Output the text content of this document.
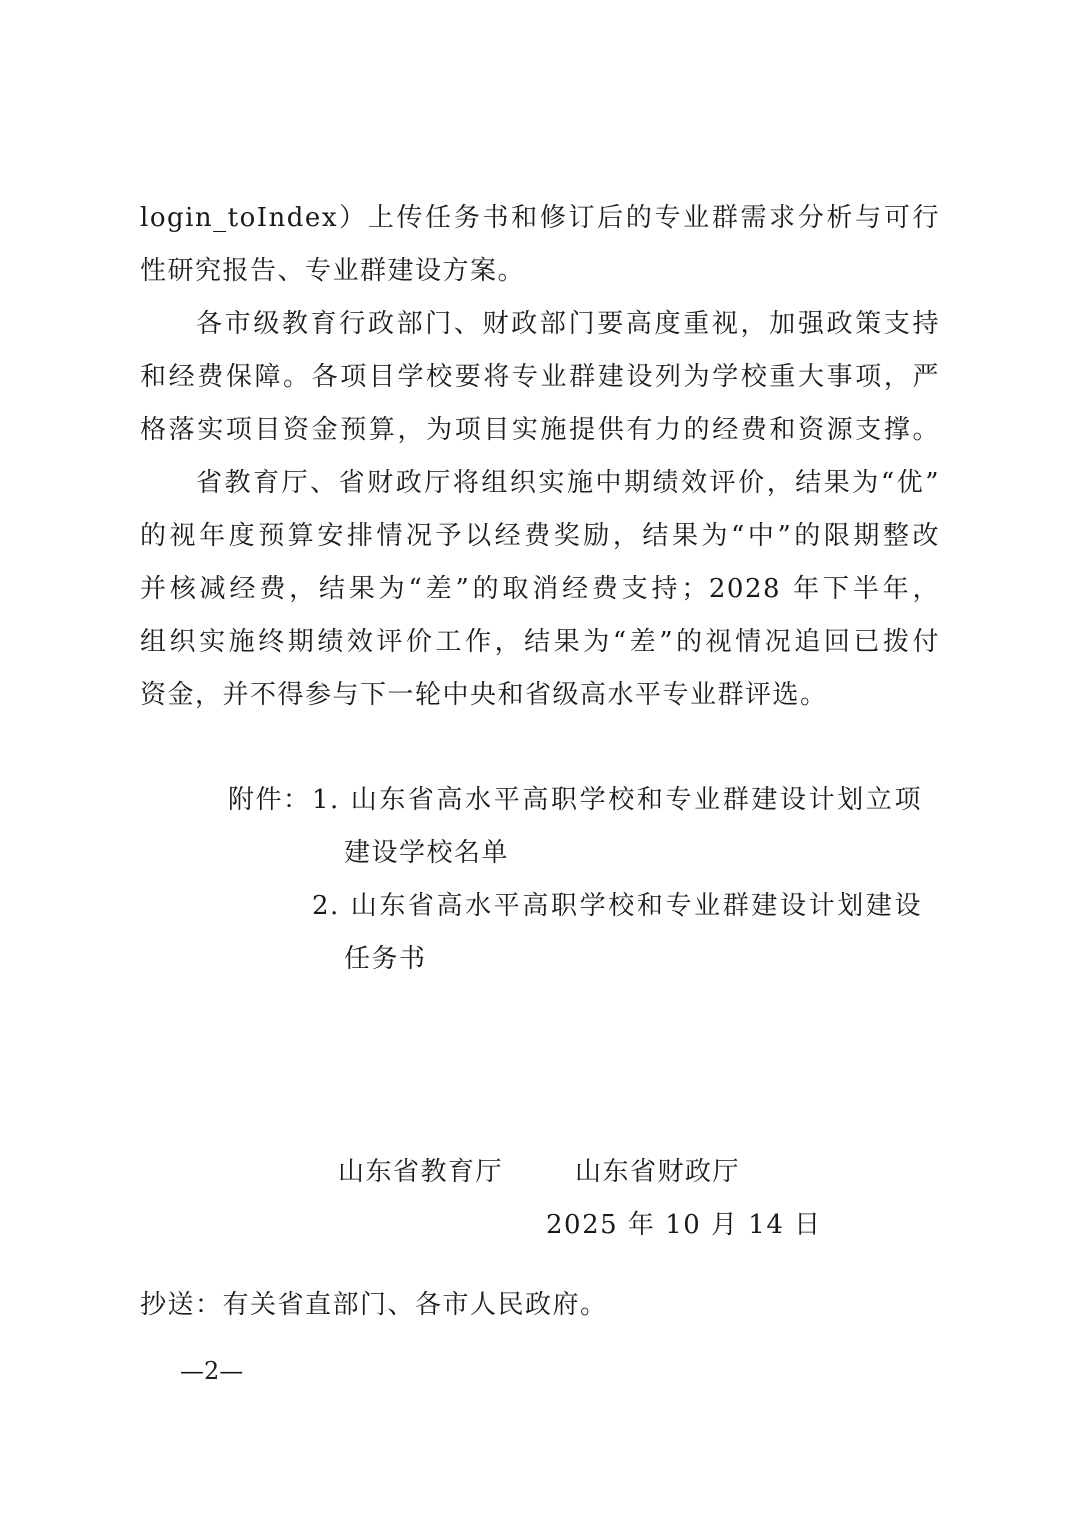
login_toIndex）上传任务书和修订后的专业群需求分析与可行
性研究报告、专业群建设方案。
各市级教育行政部门、财政部门要高度重视，加强政策支持
和经费保障。各项目学校要将专业群建设列为学校重大事项，严
格落实项目资金预算，为项目实施提供有力的经费和资源支撑。
省教育厅、省财政厅将组织实施中期绩效评价，结果为“优”
的视年度预算安排情况予以经费奖励，结果为“中”的限期整改
并核减经费，结果为“差”的取消经费支持；2028 年下半年，
组织实施终期绩效评价工作，结果为“差”的视情况追回已拨付
资金，并不得参与下一轮中央和省级高水平专业群评选。
附件： 1. 山东省高水平高职学校和专业群建设计划立项
建设学校名单
2. 山东省高水平高职学校和专业群建设计划建设
任务书
山东省教育厅	山东省财政厅
2025 年 10 月 14 日
抄送：有关省直部门、各市人民政府。
—2—
